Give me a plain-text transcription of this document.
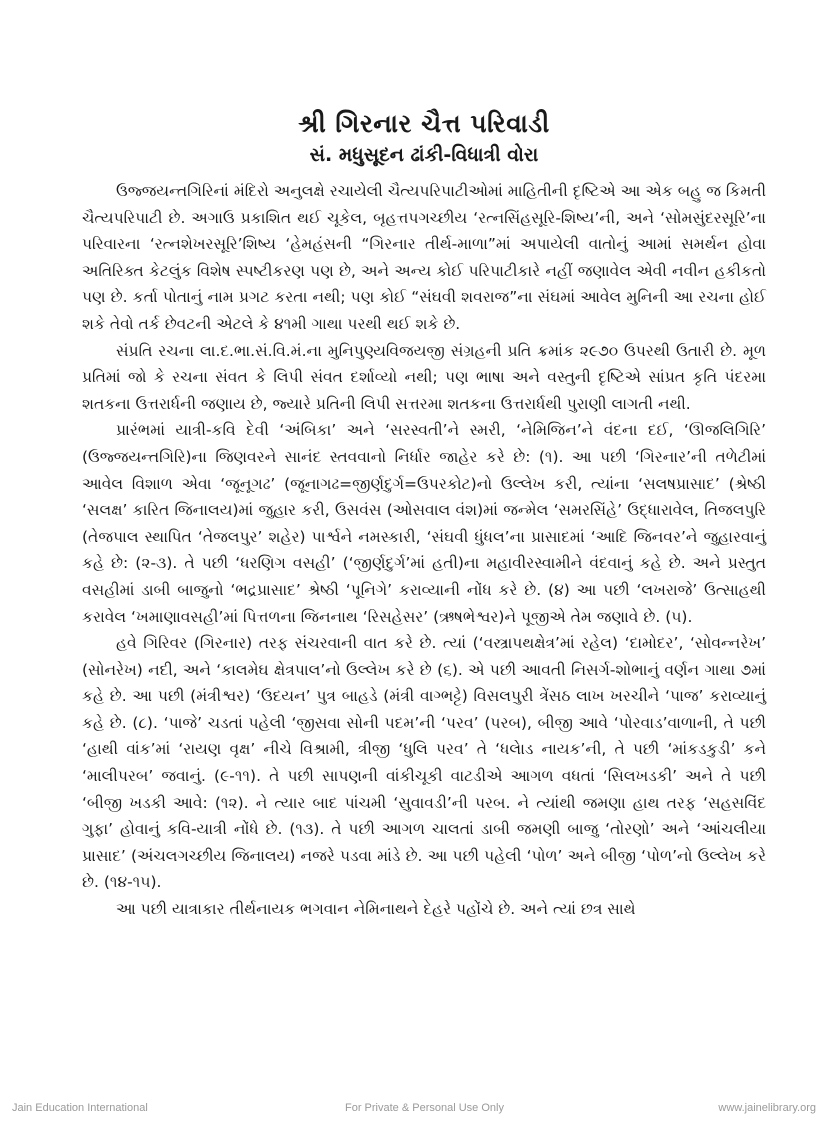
શ્રી ગિરનાર ચૈત્ત પરિવાડી
સં. મધુસૂદન ઢાંકી-વિધાત્રી વોરા

ઉજ્જયન્તગિરિનાં મંદિરો અનુલક્ષે રચાયેલી ચૈત્યપરિપાટીઓમાં માહિતીની દૃષ્ટિએ આ એક બહુ જ કિમતી ચૈત્યપરિપાટી છે. અગાઉ પ્રકાશિત થઈ ચૂકેલ, બૃહત્તપગચ્છીય ‘રત્નસિંહસૂરિ-શિષ્ય’ની, અને ‘સોમસુંદરસૂરિ’ના પરિવારના ‘રત્નશેખરસૂરિ’શિષ્ય ‘હેમહંસની “ગિરનાર તીર્થ-માળા”માં અપાયેલી વાતોનું આમાં સમર્થન હોવા અતિરિક્ત કેટલુંક વિશેષ સ્પષ્ટીકરણ પણ છે, અને અન્ય કોઈ પરિપાટીકારે નહીં જણાવેલ એવી નવીન હકીકતો પણ છે. કર્તા પોતાનું નામ પ્રગટ કરતા નથી; પણ કોઈ “સંઘવી શવરાજ”ના સંઘમાં આવેલ મુનિની આ રચના હોઈ શકે તેવો તર્ક છેવટની એટલે કે ૪૧મી ગાથા પરથી થઈ શકે છે.

સંપ્રતિ રચના લા.દ.ભા.સં.વિ.મં.ના મુનિપુણ્યવિજયજી સંગ્રહની પ્રતિ ક્રમાંક ૨૯૭૦ ઉપરથી ઉતારી છે. મૂળ પ્રતિમાં જો કે રચના સંવત કે લિપી સંવત દર્શાવ્યો નથી; પણ ભાષા અને વસ્તુની દૃષ્ટિએ સાંપ્રત કૃતિ પંદરમા શતકના ઉત્તરાર્ધની જણાય છે, જ્યારે પ્રતિની લિપી સત્તરમા શતકના ઉત્તરાર્ધથી પુરાણી લાગતી નથી.

પ્રારંભમાં યાત્રી-કવિ દેવી ‘અંબિકા’ અને ‘સરસ્વતી’ને સ્મરી, ‘નેમિજિન’ને વંદના દઈ, ‘ઊજલિગિરિ’ (ઉજ્જયન્તગિરિ)ના જિણવરને સાનંદ સ્તવવાનો નિર્ધાર જાહેર કરે છે: (૧). આ પછી ‘ગિરનાર’ની તળેટીમાં આવેલ વિશાળ એવા ‘જૂનૂગઢ’ (જૂનાગઢ=જીર્ણદુર્ગ=ઉપરકોટ)નો ઉલ્લેખ કરી, ત્યાંના ‘સલષપ્રાસાદ’ (શ્રેષ્ઠી ‘સલક્ષ’ કારિત જિનાલય)માં જુહાર કરી, ઉસવંસ (ઓસવાલ વંશ)માં જન્મેલ ‘સમરસિંહે’ ઉદ્ધારાવેલ, તિજલપુરિ (તેજપાલ સ્થાપિત ‘તેજલપુર’ શહેર) પાર્શ્વને નમસ્કારી, ‘સંઘવી ધુંધલ’ના પ્રાસાદમાં ‘આદિ જિનવર’ને જુહારવાનું કહે છે: (૨-૩). તે પછી ‘ધરણિગ વસહી’ (‘જીર્ણદુર્ગ’માં હતી)ના મહાવીરસ્વામીને વંદવાનું કહે છે. અને પ્રસ્તુત વસહીમાં ડાબી બાજુનો ‘ભદ્રપ્રાસાદ’ શ્રેષ્ઠી ‘પૂનિગે’ કરાવ્યાની નોંધ કરે છે. (૪) આ પછી ‘લખરાજે’ ઉત્સાહથી કરાવેલ ‘ખમાણાવસહી’માં પિત્તળના જિનનાથ ‘રિસહેસર’ (ઋષભેશ્વર)ને પૂજીએ તેમ જણાવે છે. (૫).

હવે ગિરિવર (ગિરનાર) તરફ સંચરવાની વાત કરે છે. ત્યાં (‘વસ્ત્રાપથક્ષેત્ર’માં રહેલ) ‘દામોદર’, ‘સોવન્નરેખ’ (સોનરેખ) નદી, અને ‘કાલમેઘ ક્ષેત્રપાલ’નો ઉલ્લેખ કરે છે (૬). એ પછી આવતી નિસર્ગ-શોભાનું વર્ણન ગાથા ૭માં કહે છે. આ પછી (મંત્રીશ્વર) ‘ઉદયન’ પુત્ર બાહડે (મંત્રી વાગ્ભટ્ટે) વિસલપુરી ત્રેંસઠ લાખ ખરચીને ‘પાજ’ કરાવ્યાનું કહે છે. (૮). ‘પાજે’ ચડતાં પહેલી ‘જીસવા સોની પદમ’ની ‘પરવ’ (પરબ), બીજી આવે ‘પોરવાડ’વાળાની, તે પછી ‘હાથી વાંક’માં ‘રાયણ વૃક્ષ’ નીચે વિશ્રામી, ત્રીજી ‘ધુલિ પરવ’ તે ‘ધલેાડ નાયક’ની, તે પછી ‘માંકડકુડી’ કને ‘માલીપરબ’ જવાનું. (૯-૧૧). તે પછી સાપણની વાંકીચૂકી વાટડીએ આગળ વધતાં ‘સિલખડકી’ અને તે પછી ‘બીજી ખડકી આવે: (૧૨). ને ત્યાર બાદ પાંચમી ‘સુવાવડી’ની પરબ. ને ત્યાંથી જમણા હાથ તરફ ‘સહસવિંદ ગુફા’ હોવાનું કવિ-યાત્રી નોંધે છે. (૧૩). તે પછી આગળ ચાલતાં ડાબી જમણી બાજુ ‘તોરણો’ અને ‘આંચલીયા પ્રાસાદ’ (અંચલગચ્છીય જિનાલય) નજરે પડવા માંડે છે. આ પછી પહેલી ‘પોળ’ અને બીજી ‘પોળ’નો ઉલ્લેખ કરે છે. (૧૪-૧૫).

આ પછી યાત્રાકાર તીર્થનાયક ભગવાન નેમિનાથને દેહરે પહોંચે છે. અને ત્યાં છત્ર સાથે

Jain Education International	For Private & Personal Use Only	www.jainelibrary.org
